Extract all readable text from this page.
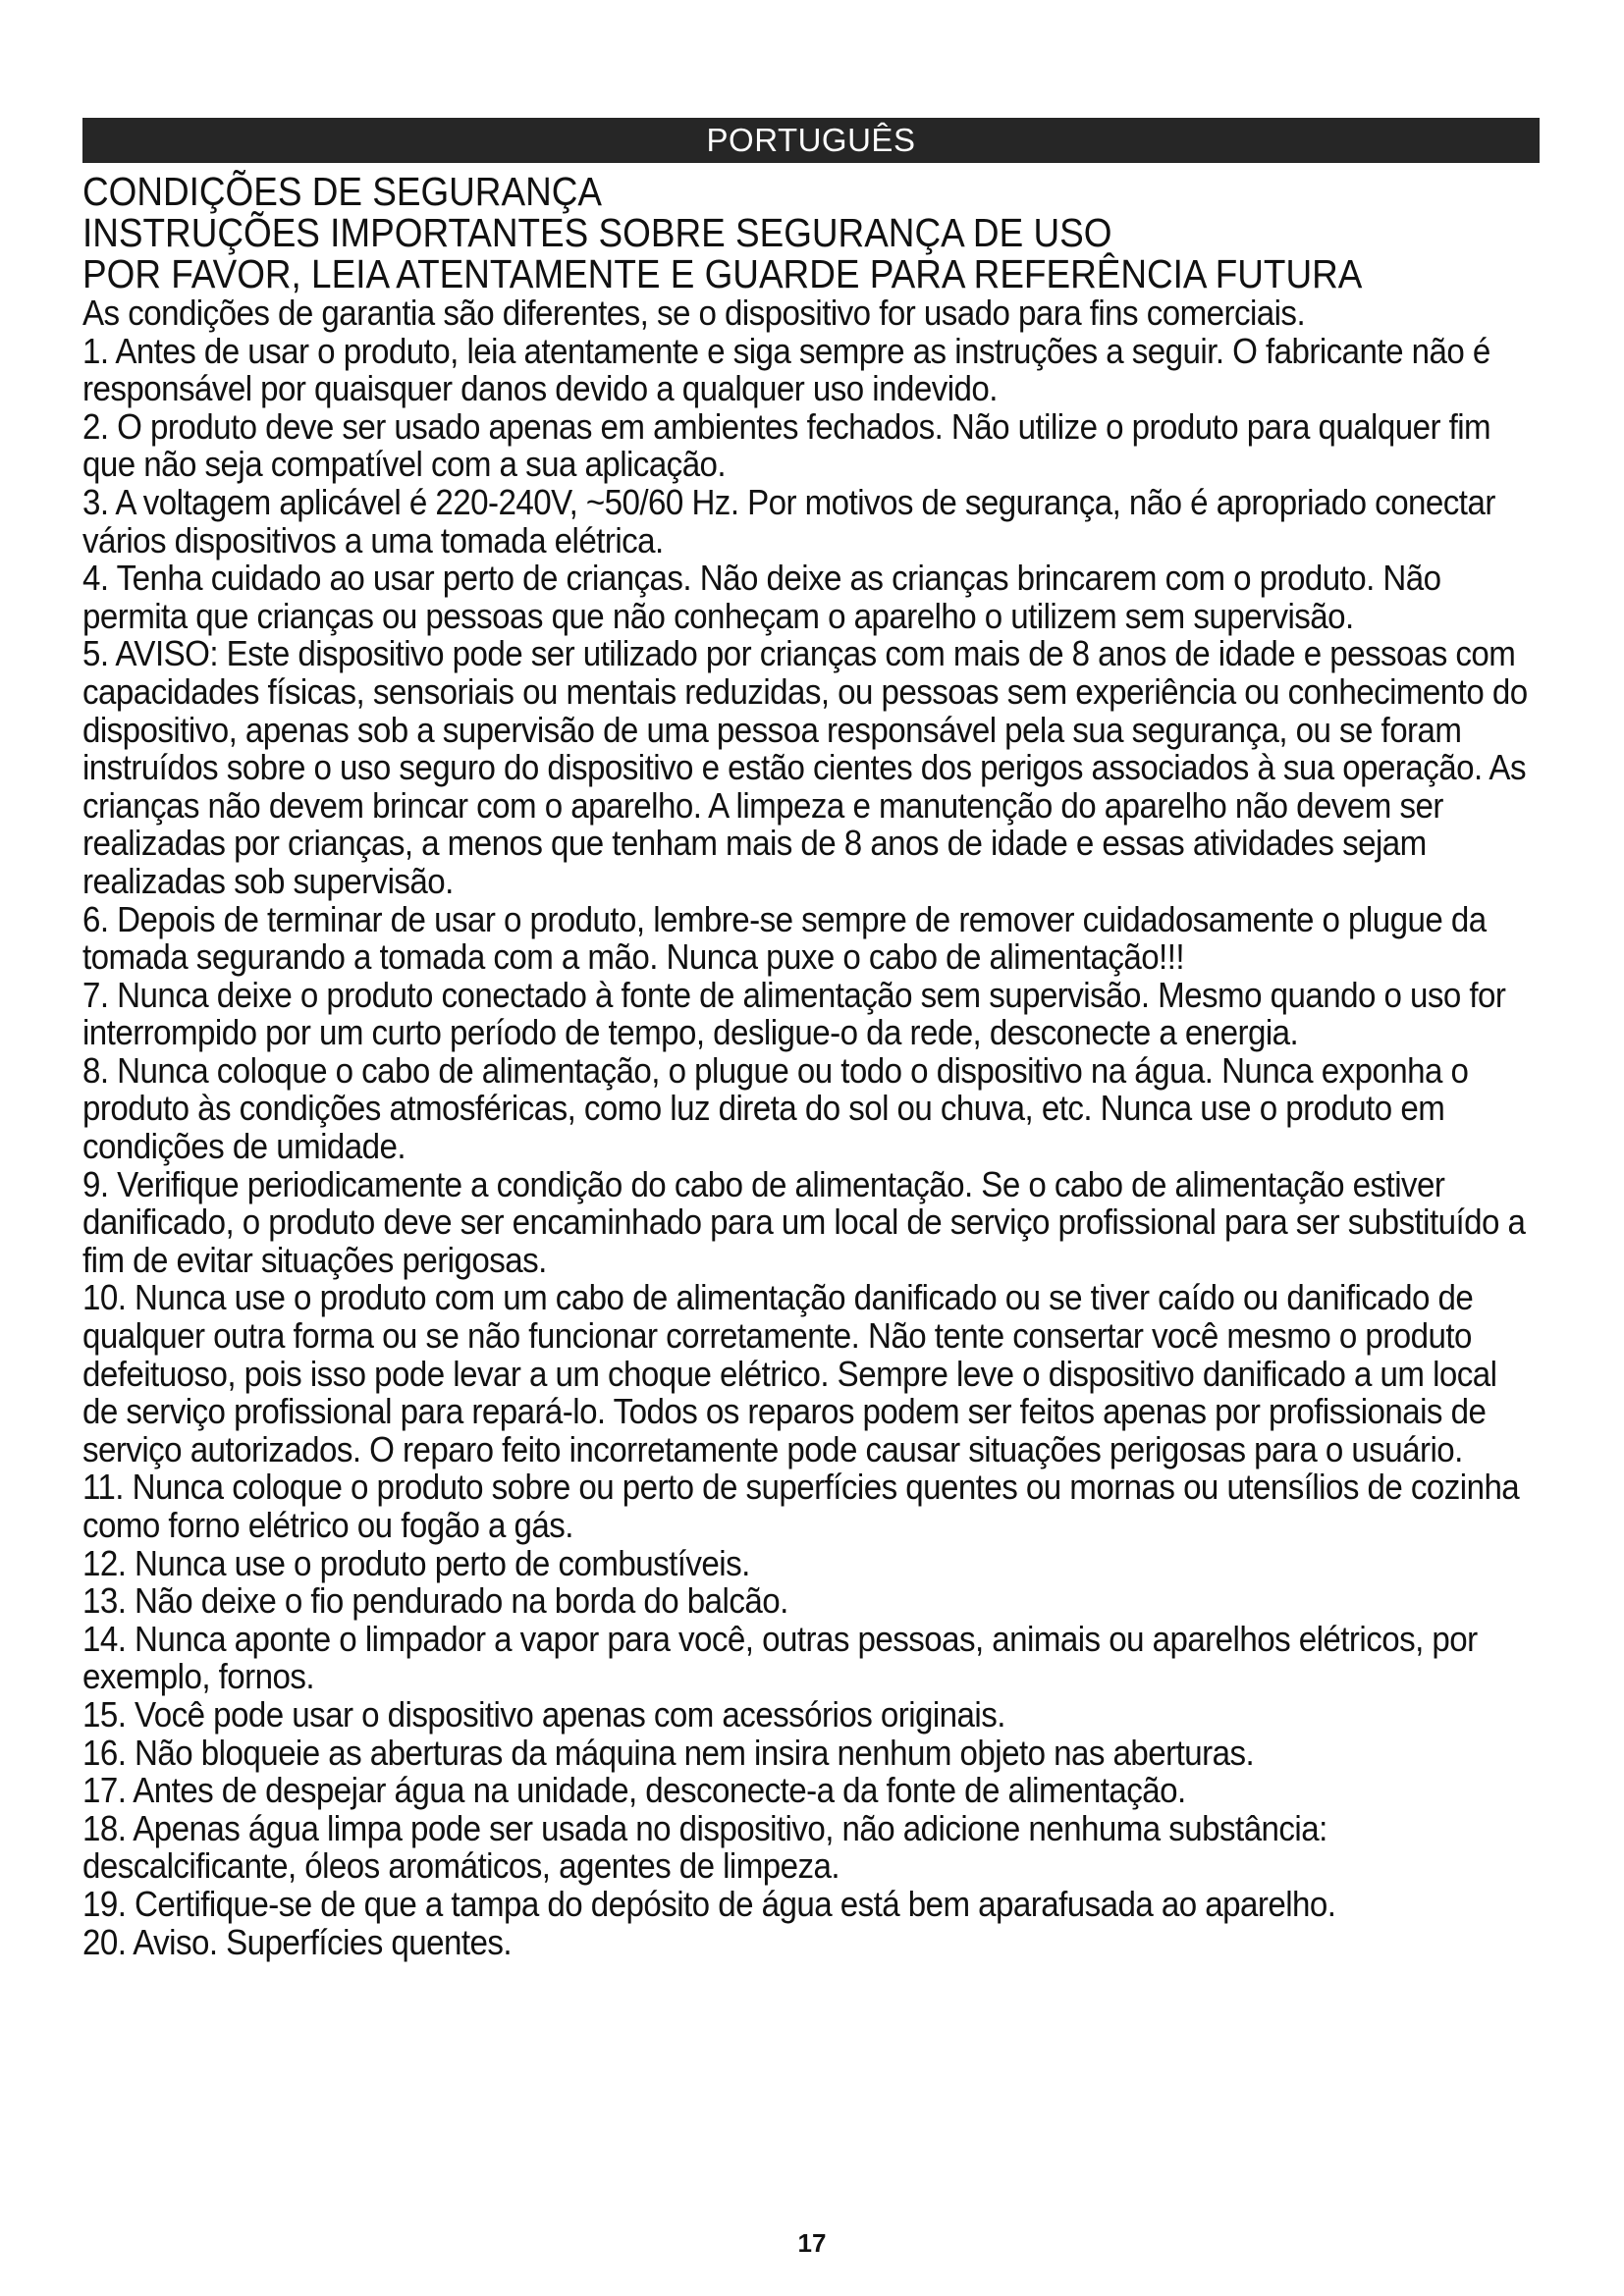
PORTUGUÊS
CONDIÇÕES DE SEGURANÇA
INSTRUÇÕES IMPORTANTES SOBRE SEGURANÇA DE USO
POR FAVOR, LEIA ATENTAMENTE E GUARDE PARA REFERÊNCIA FUTURA
As condições de garantia são diferentes, se o dispositivo for usado para fins comerciais.
1. Antes de usar o produto, leia atentamente e siga sempre as instruções a seguir. O fabricante não é responsável por quaisquer danos devido a qualquer uso indevido.
2. O produto deve ser usado apenas em ambientes fechados. Não utilize o produto para qualquer fim que não seja compatível com a sua aplicação.
3. A voltagem aplicável é 220-240V, ~50/60 Hz. Por motivos de segurança, não é apropriado conectar vários dispositivos a uma tomada elétrica.
4. Tenha cuidado ao usar perto de crianças. Não deixe as crianças brincarem com o produto. Não permita que crianças ou pessoas que não conheçam o aparelho o utilizem sem supervisão.
5. AVISO: Este dispositivo pode ser utilizado por crianças com mais de 8 anos de idade e pessoas com capacidades físicas, sensoriais ou mentais reduzidas, ou pessoas sem experiência ou conhecimento do dispositivo, apenas sob a supervisão de uma pessoa responsável pela sua segurança, ou se foram instruídos sobre o uso seguro do dispositivo e estão cientes dos perigos associados à sua operação. As crianças não devem brincar com o aparelho. A limpeza e manutenção do aparelho não devem ser realizadas por crianças, a menos que tenham mais de 8 anos de idade e essas atividades sejam realizadas sob supervisão.
6. Depois de terminar de usar o produto, lembre-se sempre de remover cuidadosamente o plugue da tomada segurando a tomada com a mão. Nunca puxe o cabo de alimentação!!!
7. Nunca deixe o produto conectado à fonte de alimentação sem supervisão. Mesmo quando o uso for interrompido por um curto período de tempo, desligue-o da rede, desconecte a energia.
8. Nunca coloque o cabo de alimentação, o plugue ou todo o dispositivo na água. Nunca exponha o produto às condições atmosféricas, como luz direta do sol ou chuva, etc. Nunca use o produto em condições de umidade.
9. Verifique periodicamente a condição do cabo de alimentação. Se o cabo de alimentação estiver danificado, o produto deve ser encaminhado para um local de serviço profissional para ser substituído a fim de evitar situações perigosas.
10. Nunca use o produto com um cabo de alimentação danificado ou se tiver caído ou danificado de qualquer outra forma ou se não funcionar corretamente. Não tente consertar você mesmo o produto defeituoso, pois isso pode levar a um choque elétrico. Sempre leve o dispositivo danificado a um local de serviço profissional para repará-lo. Todos os reparos podem ser feitos apenas por profissionais de serviço autorizados. O reparo feito incorretamente pode causar situações perigosas para o usuário.
11. Nunca coloque o produto sobre ou perto de superfícies quentes ou mornas ou utensílios de cozinha como forno elétrico ou fogão a gás.
12. Nunca use o produto perto de combustíveis.
13. Não deixe o fio pendurado na borda do balcão.
14. Nunca aponte o limpador a vapor para você, outras pessoas, animais ou aparelhos elétricos, por exemplo, fornos.
15. Você pode usar o dispositivo apenas com acessórios originais.
16. Não bloqueie as aberturas da máquina nem insira nenhum objeto nas aberturas.
17. Antes de despejar água na unidade, desconecte-a da fonte de alimentação.
18. Apenas água limpa pode ser usada no dispositivo, não adicione nenhuma substância: descalcificante, óleos aromáticos, agentes de limpeza.
19. Certifique-se de que a tampa do depósito de água está bem aparafusada ao aparelho.
20. Aviso. Superfícies quentes.
17
